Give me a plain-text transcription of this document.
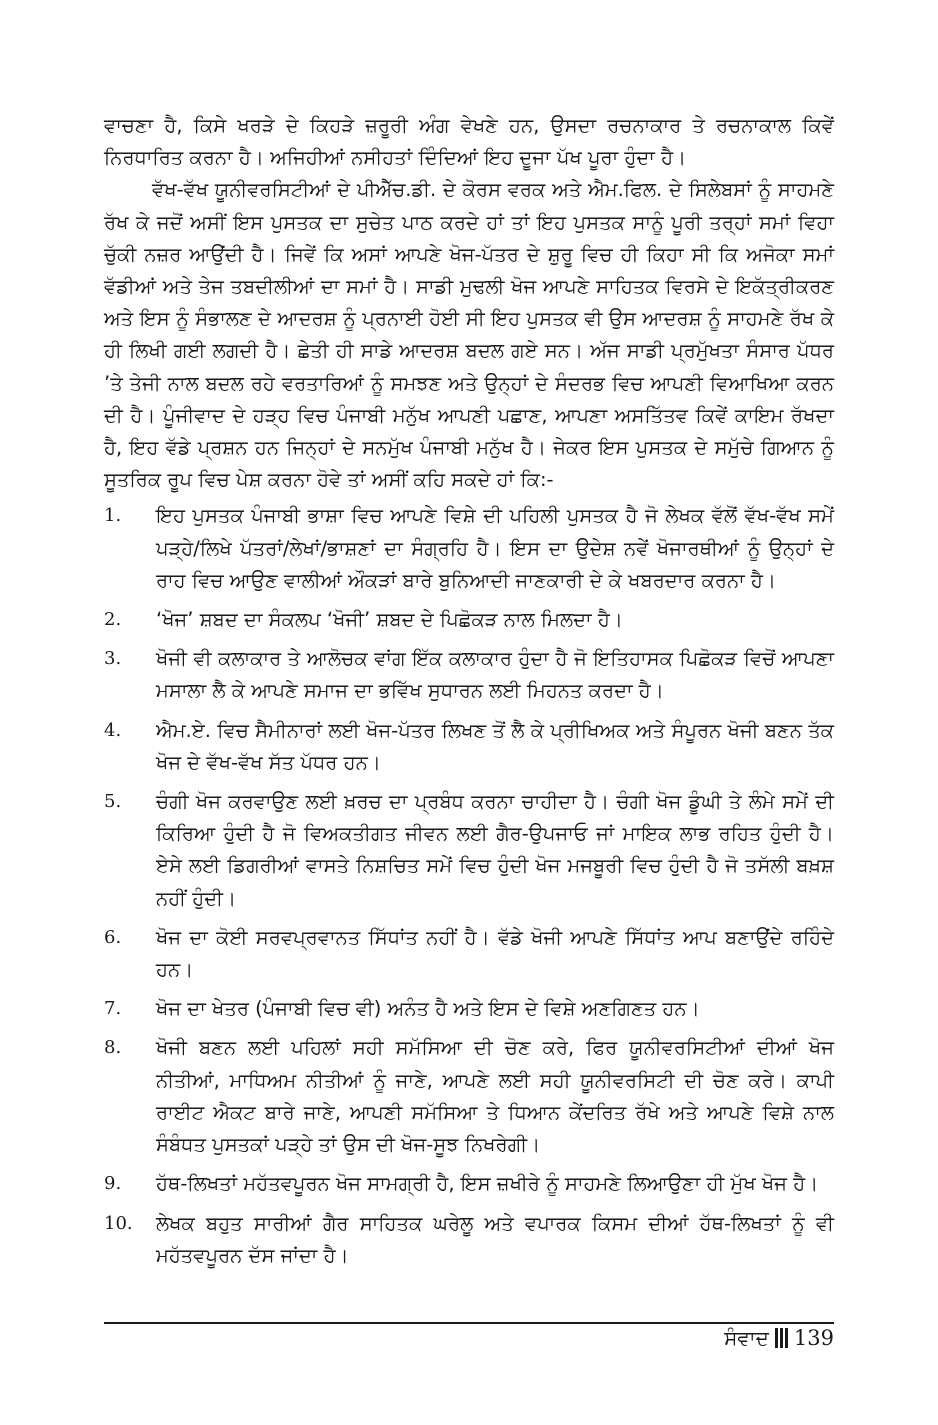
ਵਾਚਣਾ ਹੈ, ਕਿਸੇ ਖਰੜੇ ਦੇ ਕਿਹੜੇ ਜ਼ਰੂਰੀ ਅੰਗ ਵੇਖਣੇ ਹਨ, ਉਸਦਾ ਰਚਨਾਕਾਰ ਤੇ ਰਚਨਾਕਾਲ ਕਿਵੇਂ ਨਿਰਧਾਰਿਤ ਕਰਨਾ ਹੈ। ਅਜਿਹੀਆਂ ਨਸੀਹਤਾਂ ਦਿੰਦਿਆਂ ਇਹ ਦੂਜਾ ਪੱਖ ਪੂਰਾ ਹੁੰਦਾ ਹੈ।

ਵੱਖ-ਵੱਖ ਯੂਨੀਵਰਸਿਟੀਆਂ ਦੇ ਪੀਐੱਚ.ਡੀ. ਦੇ ਕੋਰਸ ਵਰਕ ਅਤੇ ਐਮ.ਫਿਲ. ਦੇ ਸਿਲੇਬਸਾਂ ਨੂੰ ਸਾਹਮਣੇ ਰੱਖ ਕੇ ਜਦੋਂ ਅਸੀਂ ਇਸ ਪੁਸਤਕ ਦਾ ਸੁਚੇਤ ਪਾਠ ਕਰਦੇ ਹਾਂ ਤਾਂ ਇਹ ਪੁਸਤਕ ਸਾਨੂੰ ਪੂਰੀ ਤਰ੍ਹਾਂ ਸਮਾਂ ਵਿਹਾ ਚੁੱਕੀ ਨਜ਼ਰ ਆਉਂਦੀ ਹੈ। ਜਿਵੇਂ ਕਿ ਅਸਾਂ ਆਪਣੇ ਖੋਜ-ਪੱਤਰ ਦੇ ਸ਼ੁਰੂ ਵਿਚ ਹੀ ਕਿਹਾ ਸੀ ਕਿ ਅਜੋਕਾ ਸਮਾਂ ਵੱਡੀਆਂ ਅਤੇ ਤੇਜ ਤਬਦੀਲੀਆਂ ਦਾ ਸਮਾਂ ਹੈ। ਸਾਡੀ ਮੁਢਲੀ ਖੋਜ ਆਪਣੇ ਸਾਹਿਤਕ ਵਿਰਸੇ ਦੇ ਇਕੱਤ੍ਰੀਕਰਣ ਅਤੇ ਇਸ ਨੂੰ ਸੰਭਾਲਣ ਦੇ ਆਦਰਸ਼ ਨੂੰ ਪ੍ਰਨਾਈ ਹੋਈ ਸੀ ਇਹ ਪੁਸਤਕ ਵੀ ਉਸ ਆਦਰਸ਼ ਨੂੰ ਸਾਹਮਣੇ ਰੱਖ ਕੇ ਹੀ ਲਿਖੀ ਗਈ ਲਗਦੀ ਹੈ। ਛੇਤੀ ਹੀ ਸਾਡੇ ਆਦਰਸ਼ ਬਦਲ ਗਏ ਸਨ। ਅੱਜ ਸਾਡੀ ਪ੍ਰਮੁੱਖਤਾ ਸੰਸਾਰ ਪੱਧਰ ’ਤੇ ਤੇਜੀ ਨਾਲ ਬਦਲ ਰਹੇ ਵਰਤਾਰਿਆਂ ਨੂੰ ਸਮਝਣ ਅਤੇ ਉਨ੍ਹਾਂ ਦੇ ਸੰਦਰਭ ਵਿਚ ਆਪਣੀ ਵਿਆਖਿਆ ਕਰਨ ਦੀ ਹੈ। ਪੂੰਜੀਵਾਦ ਦੇ ਹੜ੍ਹ ਵਿਚ ਪੰਜਾਬੀ ਮਨੁੱਖ ਆਪਣੀ ਪਛਾਣ, ਆਪਣਾ ਅਸਤਿੱਤਵ ਕਿਵੇਂ ਕਾਇਮ ਰੱਖਦਾ ਹੈ, ਇਹ ਵੱਡੇ ਪ੍ਰਸ਼ਨ ਹਨ ਜਿਨ੍ਹਾਂ ਦੇ ਸਨਮੁੱਖ ਪੰਜਾਬੀ ਮਨੁੱਖ ਹੈ। ਜੇਕਰ ਇਸ ਪੁਸਤਕ ਦੇ ਸਮੁੱਚੇ ਗਿਆਨ ਨੂੰ ਸੂਤਰਿਕ ਰੂਪ ਵਿਚ ਪੇਸ਼ ਕਰਨਾ ਹੋਵੇ ਤਾਂ ਅਸੀਂ ਕਹਿ ਸਕਦੇ ਹਾਂ ਕਿ:-

1.	ਇਹ ਪੁਸਤਕ ਪੰਜਾਬੀ ਭਾਸ਼ਾ ਵਿਚ ਆਪਣੇ ਵਿਸ਼ੇ ਦੀ ਪਹਿਲੀ ਪੁਸਤਕ ਹੈ ਜੋ ਲੇਖਕ ਵੱਲੋਂ ਵੱਖ-ਵੱਖ ਸਮੇਂ ਪੜ੍ਹੇ/ਲਿਖੇ ਪੱਤਰਾਂ/ਲੇਖਾਂ/ਭਾਸ਼ਣਾਂ ਦਾ ਸੰਗ੍ਰਹਿ ਹੈ। ਇਸ ਦਾ ਉਦੇਸ਼ ਨਵੇਂ ਖੋਜਾਰਥੀਆਂ ਨੂੰ ਉਨ੍ਹਾਂ ਦੇ ਰਾਹ ਵਿਚ ਆਉਣ ਵਾਲੀਆਂ ਔਕੜਾਂ ਬਾਰੇ ਬੁਨਿਆਦੀ ਜਾਣਕਾਰੀ ਦੇ ਕੇ ਖਬਰਦਾਰ ਕਰਨਾ ਹੈ।
2.	‘ਖੋਜ’ ਸ਼ਬਦ ਦਾ ਸੰਕਲਪ ‘ਖੋਜੀ’ ਸ਼ਬਦ ਦੇ ਪਿਛੋਕੜ ਨਾਲ ਮਿਲਦਾ ਹੈ।
3.	ਖੋਜੀ ਵੀ ਕਲਾਕਾਰ ਤੇ ਆਲੋਚਕ ਵਾਂਗ ਇੱਕ ਕਲਾਕਾਰ ਹੁੰਦਾ ਹੈ ਜੋ ਇਤਿਹਾਸਕ ਪਿਛੋਕੜ ਵਿਚੋਂ ਆਪਣਾ ਮਸਾਲਾ ਲੈ ਕੇ ਆਪਣੇ ਸਮਾਜ ਦਾ ਭਵਿੱਖ ਸੁਧਾਰਨ ਲਈ ਮਿਹਨਤ ਕਰਦਾ ਹੈ।
4.	ਐਮ.ਏ. ਵਿਚ ਸੈਮੀਨਾਰਾਂ ਲਈ ਖੋਜ-ਪੱਤਰ ਲਿਖਣ ਤੋਂ ਲੈ ਕੇ ਪ੍ਰੀਖਿਅਕ ਅਤੇ ਸੰਪੂਰਨ ਖੋਜੀ ਬਣਨ ਤੱਕ ਖੋਜ ਦੇ ਵੱਖ-ਵੱਖ ਸੱਤ ਪੱਧਰ ਹਨ।
5.	ਚੰਗੀ ਖੋਜ ਕਰਵਾਉਣ ਲਈ ਖ਼ਰਚ ਦਾ ਪ੍ਰਬੰਧ ਕਰਨਾ ਚਾਹੀਦਾ ਹੈ। ਚੰਗੀ ਖੋਜ ਡੂੰਘੀ ਤੇ ਲੰਮੇ ਸਮੇਂ ਦੀ ਕਿਰਿਆ ਹੁੰਦੀ ਹੈ ਜੋ ਵਿਅਕਤੀਗਤ ਜੀਵਨ ਲਈ ਗੈਰ-ਉਪਜਾਓ ਜਾਂ ਮਾਇਕ ਲਾਭ ਰਹਿਤ ਹੁੰਦੀ ਹੈ। ਏਸੇ ਲਈ ਡਿਗਰੀਆਂ ਵਾਸਤੇ ਨਿਸ਼ਚਿਤ ਸਮੇਂ ਵਿਚ ਹੁੰਦੀ ਖੋਜ ਮਜਬੂਰੀ ਵਿਚ ਹੁੰਦੀ ਹੈ ਜੋ ਤਸੱਲੀ ਬਖ਼ਸ਼ ਨਹੀਂ ਹੁੰਦੀ।
6.	ਖੋਜ ਦਾ ਕੋਈ ਸਰਵਪ੍ਰਵਾਨਤ ਸਿੱਧਾਂਤ ਨਹੀਂ ਹੈ। ਵੱਡੇ ਖੋਜੀ ਆਪਣੇ ਸਿੱਧਾਂਤ ਆਪ ਬਣਾਉਂਦੇ ਰਹਿੰਦੇ ਹਨ।
7.	ਖੋਜ ਦਾ ਖੇਤਰ (ਪੰਜਾਬੀ ਵਿਚ ਵੀ) ਅਨੰਤ ਹੈ ਅਤੇ ਇਸ ਦੇ ਵਿਸ਼ੇ ਅਣਗਿਣਤ ਹਨ।
8.	ਖੋਜੀ ਬਣਨ ਲਈ ਪਹਿਲਾਂ ਸਹੀ ਸਮੱਸਿਆ ਦੀ ਚੋਣ ਕਰੇ, ਫਿਰ ਯੂਨੀਵਰਸਿਟੀਆਂ ਦੀਆਂ ਖੋਜ ਨੀਤੀਆਂ, ਮਾਧਿਅਮ ਨੀਤੀਆਂ ਨੂੰ ਜਾਣੇ, ਆਪਣੇ ਲਈ ਸਹੀ ਯੂਨੀਵਰਸਿਟੀ ਦੀ ਚੋਣ ਕਰੇ। ਕਾਪੀ ਰਾਈਟ ਐਕਟ ਬਾਰੇ ਜਾਣੇ, ਆਪਣੀ ਸਮੱਸਿਆ ਤੇ ਧਿਆਨ ਕੇਂਦਰਿਤ ਰੱਖੇ ਅਤੇ ਆਪਣੇ ਵਿਸ਼ੇ ਨਾਲ ਸੰਬੰਧਤ ਪੁਸਤਕਾਂ ਪੜ੍ਹੇ ਤਾਂ ਉਸ ਦੀ ਖੋਜ-ਸੂਝ ਨਿਖਰੇਗੀ।
9.	ਹੱਥ-ਲਿਖਤਾਂ ਮਹੱਤਵਪੂਰਨ ਖੋਜ ਸਾਮਗ੍ਰੀ ਹੈ, ਇਸ ਜ਼ਖੀਰੇ ਨੂੰ ਸਾਹਮਣੇ ਲਿਆਉਣਾ ਹੀ ਮੁੱਖ ਖੋਜ ਹੈ।
10.	ਲੇਖਕ ਬਹੁਤ ਸਾਰੀਆਂ ਗੈਰ ਸਾਹਿਤਕ ਘਰੇਲੂ ਅਤੇ ਵਪਾਰਕ ਕਿਸਮ ਦੀਆਂ ਹੱਥ-ਲਿਖਤਾਂ ਨੂੰ ਵੀ ਮਹੱਤਵਪੂਰਨ ਦੱਸ ਜਾਂਦਾ ਹੈ।
ਸੰਵਾਦ 139
